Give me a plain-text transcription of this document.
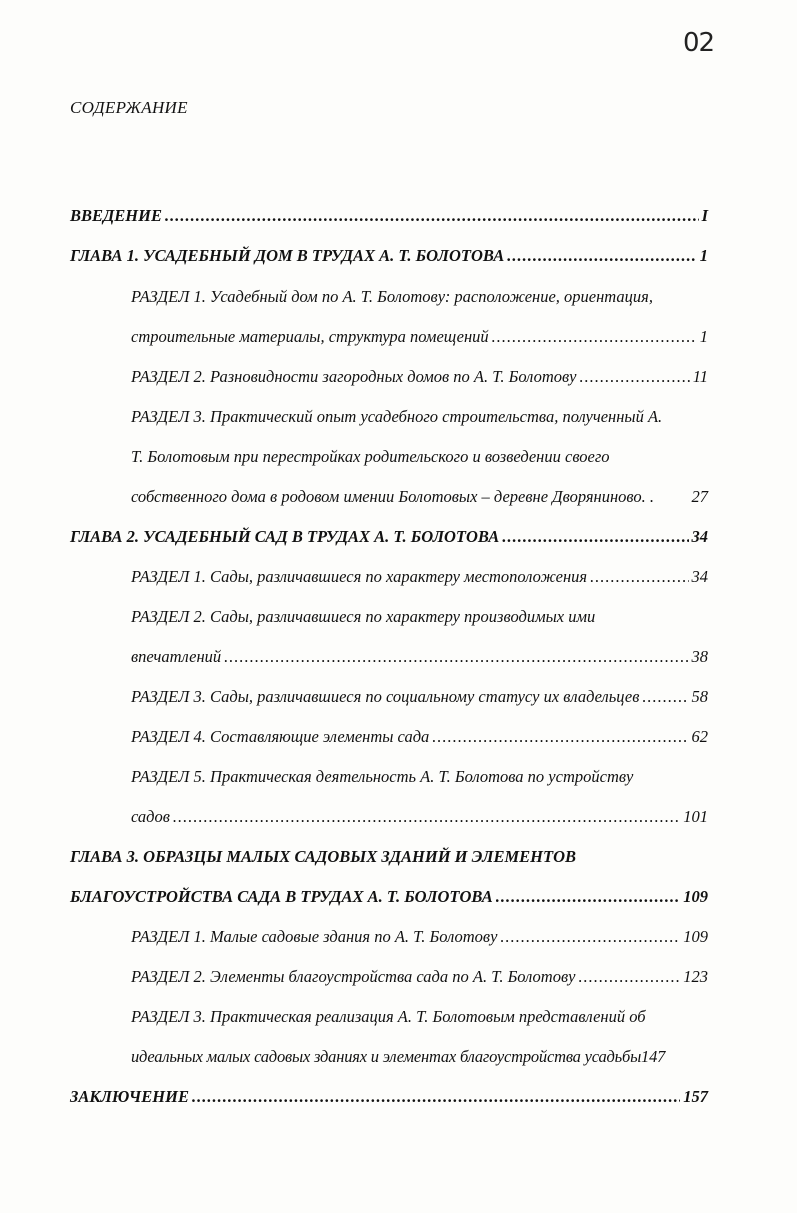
02
СОДЕРЖАНИЕ
ВВЕДЕНИЕ .....	I
ГЛАВА 1. УСАДЕБНЫЙ ДОМ В ТРУДАХ А. Т. БОЛОТОВА .....	1
РАЗДЕЛ 1. Усадебный дом по А. Т. Болотову: расположение, ориентация,
строительные материалы, структура помещений .....	1
РАЗДЕЛ 2. Разновидности загородных домов по А. Т. Болотову .....	11
РАЗДЕЛ 3. Практический опыт усадебного строительства, полученный А.
Т. Болотовым при перестройках родительского и возведении своего
собственного дома в родовом имении Болотовых – деревне Дворяниново. . 27
ГЛАВА 2. УСАДЕБНЫЙ САД В ТРУДАХ А. Т. БОЛОТОВА .....	34
РАЗДЕЛ 1. Сады, различавшиеся по характеру местоположения .....	34
РАЗДЕЛ 2. Сады, различавшиеся по характеру производимых ими
впечатлений .....	38
РАЗДЕЛ 3. Сады, различавшиеся по социальному статусу их владельцев .....	58
РАЗДЕЛ 4. Составляющие элементы сада .....	62
РАЗДЕЛ 5. Практическая деятельность А. Т. Болотова по устройству
садов .....	101
ГЛАВА 3. ОБРАЗЦЫ МАЛЫХ САДОВЫХ ЗДАНИЙ И ЭЛЕМЕНТОВ
БЛАГОУСТРОЙСТВА САДА В ТРУДАХ А. Т. БОЛОТОВА .....	109
РАЗДЕЛ 1. Малые садовые здания по А. Т. Болотову .....	109
РАЗДЕЛ 2. Элементы благоустройства сада по А. Т. Болотову .....	123
РАЗДЕЛ 3. Практическая реализация А. Т. Болотовым представлений об
идеальных малых садовых зданиях и элементах благоустройства усадьбы147
ЗАКЛЮЧЕНИЕ .....	157
